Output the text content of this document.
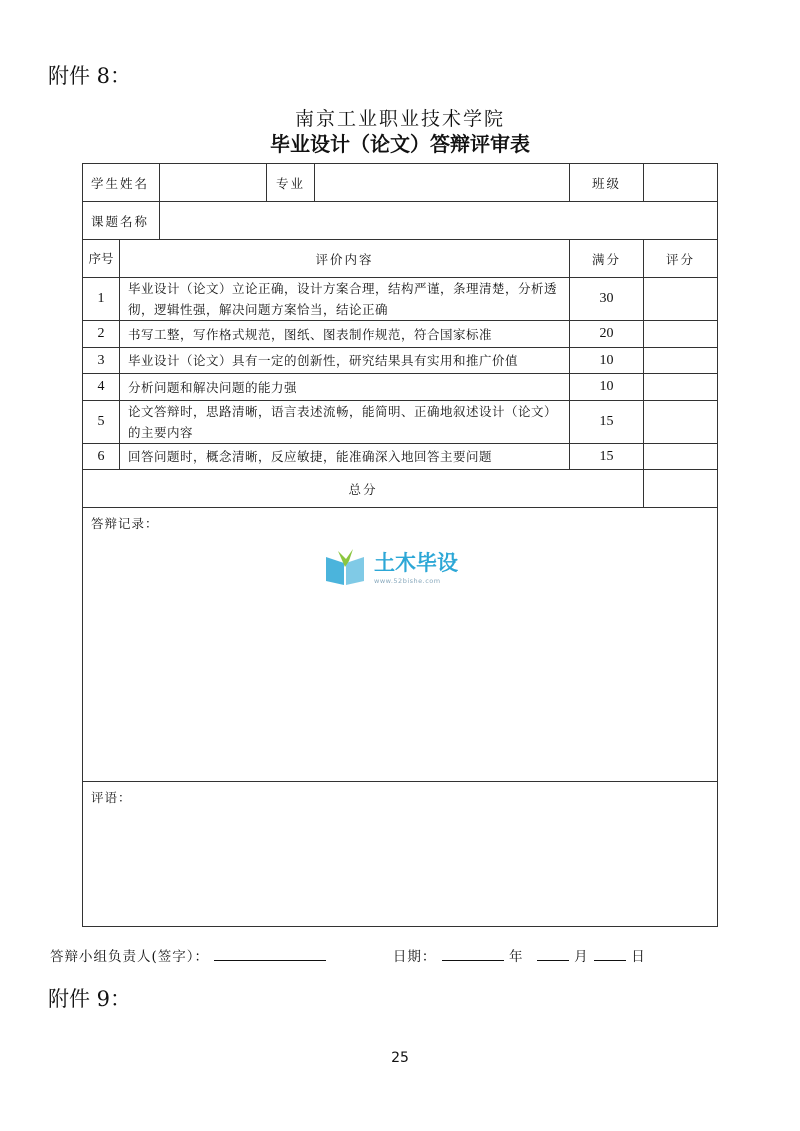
附件 8：
南京工业职业技术学院
毕业设计（论文）答辩评审表
学生姓名			专业		班级	
课题名称						
序号	评价内容				满分	评分
1	毕业设计（论文）立论正确，设计方案合理，结构严谨，条理清楚，分析透彻，逻辑性强，解决问题方案恰当，结论正确				30	
2	书写工整，写作格式规范，图纸、图表制作规范，符合国家标准				20	
3	毕业设计（论文）具有一定的创新性，研究结果具有实用和推广价值				10	
4	分析问题和解决问题的能力强				10	
5	论文答辩时，思路清晰，语言表述流畅，能简明、正确地叙述设计（论文）的主要内容				15	
6	回答问题时，概念清晰，反应敏捷，能准确深入地回答主要问题				15	
总分						
答辩记录：						
评语：						
土木毕设
www.52bishe.com
答辩小组负责人(签字）：	日期：	年	月	日
附件 9：
25
